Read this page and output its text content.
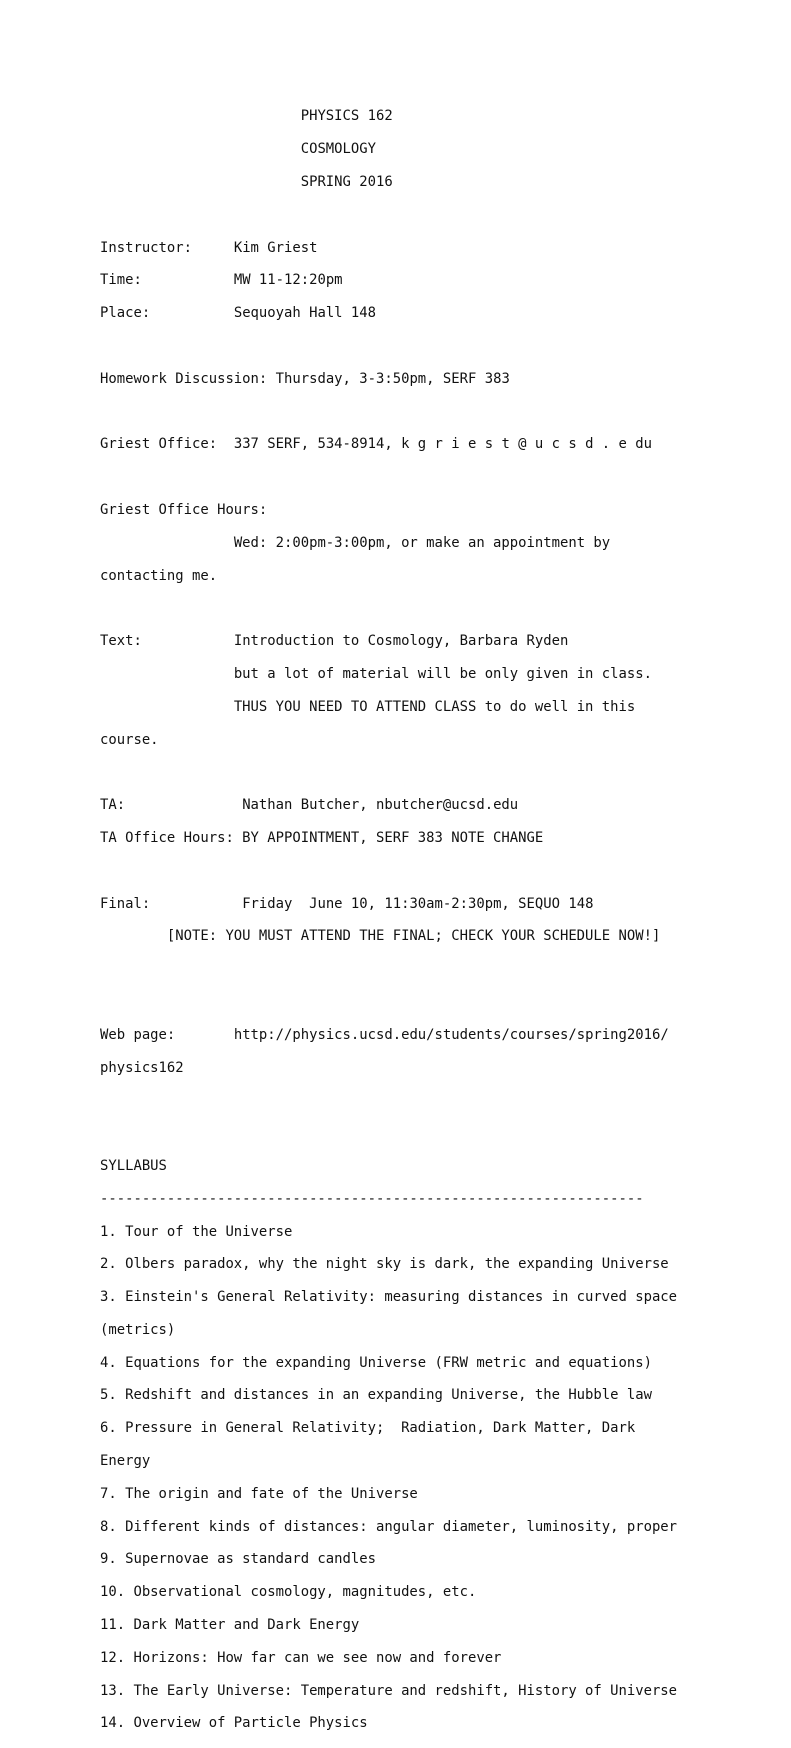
PHYSICS 162

COSMOLOGY

SPRING 2016

Instructor:	Kim Griest

Time:	MW 11-12:20pm

Place:	Sequoyah Hall 148

Homework Discussion: Thursday, 3-3:50pm, SERF 383

Griest Office: 337 SERF, 534-8914, k g r i e s t @ u c s d . e du

Griest Office Hours:

Wed: 2:00pm-3:00pm, or make an appointment by

contacting me.

Text:	Introduction to Cosmology, Barbara Ryden

but a lot of material will be only given in class.

THUS YOU NEED TO ATTEND CLASS to do well in this

course.

TA:	Nathan Butcher, nbutcher@ucsd.edu

TA Office Hours: BY APPOINTMENT, SERF 383 NOTE CHANGE

Final:	Friday  June 10, 11:30am-2:30pm, SEQUO 148

[NOTE: YOU MUST ATTEND THE FINAL; CHECK YOUR SCHEDULE NOW!]

Web page:	http://physics.ucsd.edu/students/courses/spring2016/

physics162

SYLLABUS

-----------------------------------------------------------------

1. Tour of the Universe

2. Olbers paradox, why the night sky is dark, the expanding Universe

3. Einstein's General Relativity: measuring distances in curved space

(metrics)

4. Equations for the expanding Universe (FRW metric and equations)

5. Redshift and distances in an expanding Universe, the Hubble law

6. Pressure in General Relativity;  Radiation, Dark Matter, Dark

Energy

7. The origin and fate of the Universe

8. Different kinds of distances: angular diameter, luminosity, proper

9. Supernovae as standard candles

10. Observational cosmology, magnitudes, etc.

11. Dark Matter and Dark Energy

12. Horizons: How far can we see now and forever

13. The Early Universe: Temperature and redshift, History of Universe

14. Overview of Particle Physics
